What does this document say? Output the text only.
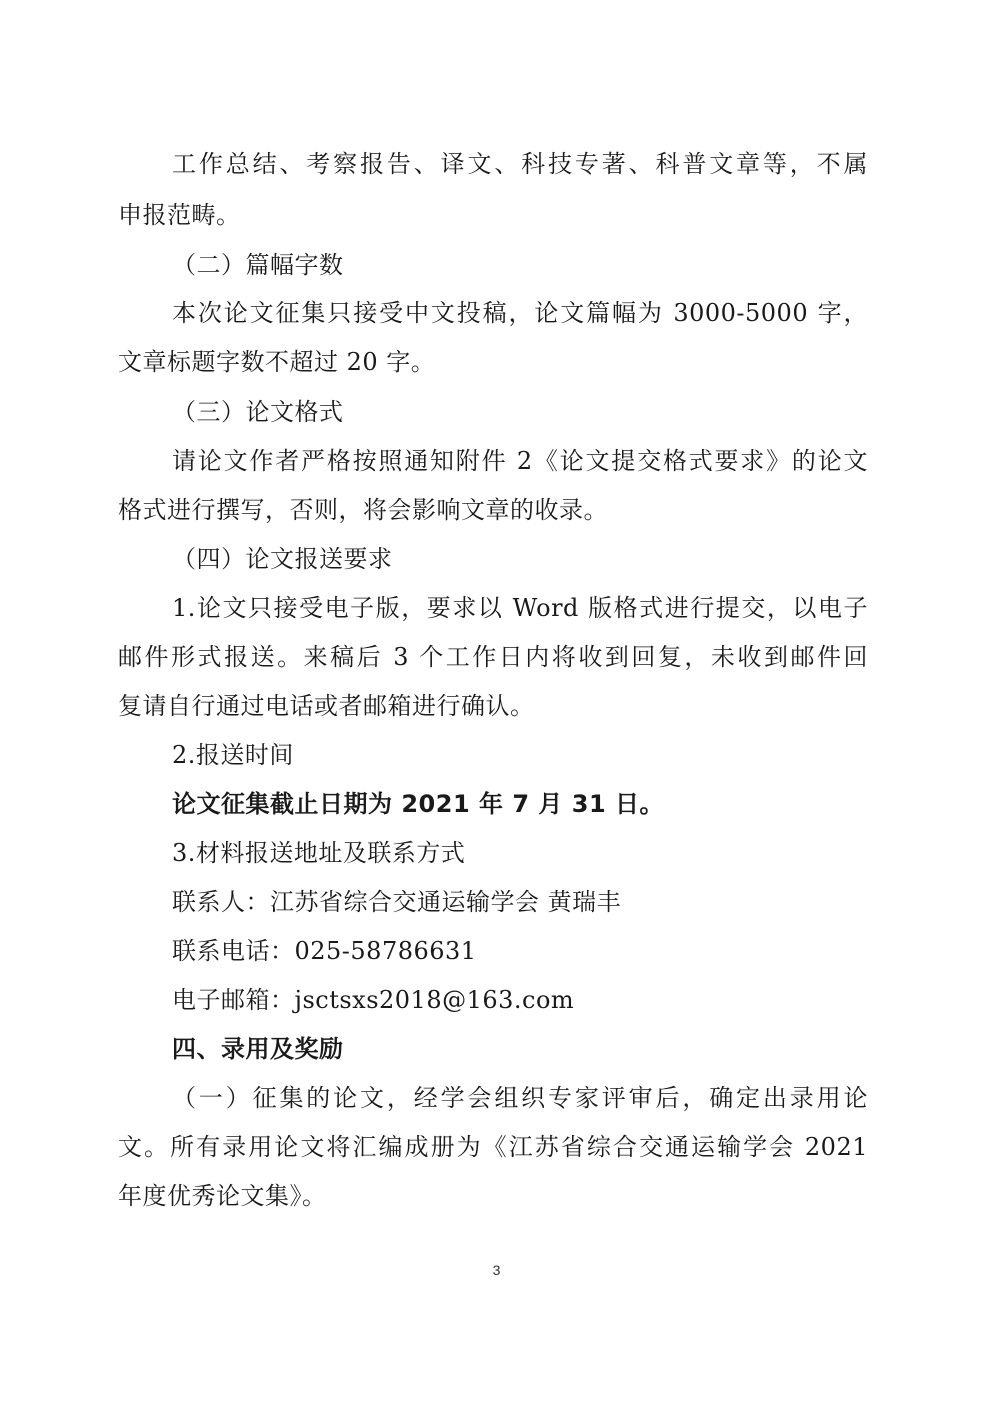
工作总结、考察报告、译文、科技专著、科普文章等，不属
申报范畴。
（二）篇幅字数
本次论文征集只接受中文投稿，论文篇幅为 3000-5000 字，
文章标题字数不超过 20 字。
（三）论文格式
请论文作者严格按照通知附件 2《论文提交格式要求》的论文
格式进行撰写，否则，将会影响文章的收录。
（四）论文报送要求
1.论文只接受电子版，要求以 Word 版格式进行提交，以电子
邮件形式报送。来稿后 3 个工作日内将收到回复，未收到邮件回
复请自行通过电话或者邮箱进行确认。
2.报送时间
论文征集截止日期为 2021 年 7 月 31 日。
3.材料报送地址及联系方式
联系人：江苏省综合交通运输学会 黄瑞丰
联系电话：025-58786631
电子邮箱：jsctsxs2018@163.com
四、录用及奖励
（一）征集的论文，经学会组织专家评审后，确定出录用论
文。所有录用论文将汇编成册为《江苏省综合交通运输学会 2021
年度优秀论文集》。
3
